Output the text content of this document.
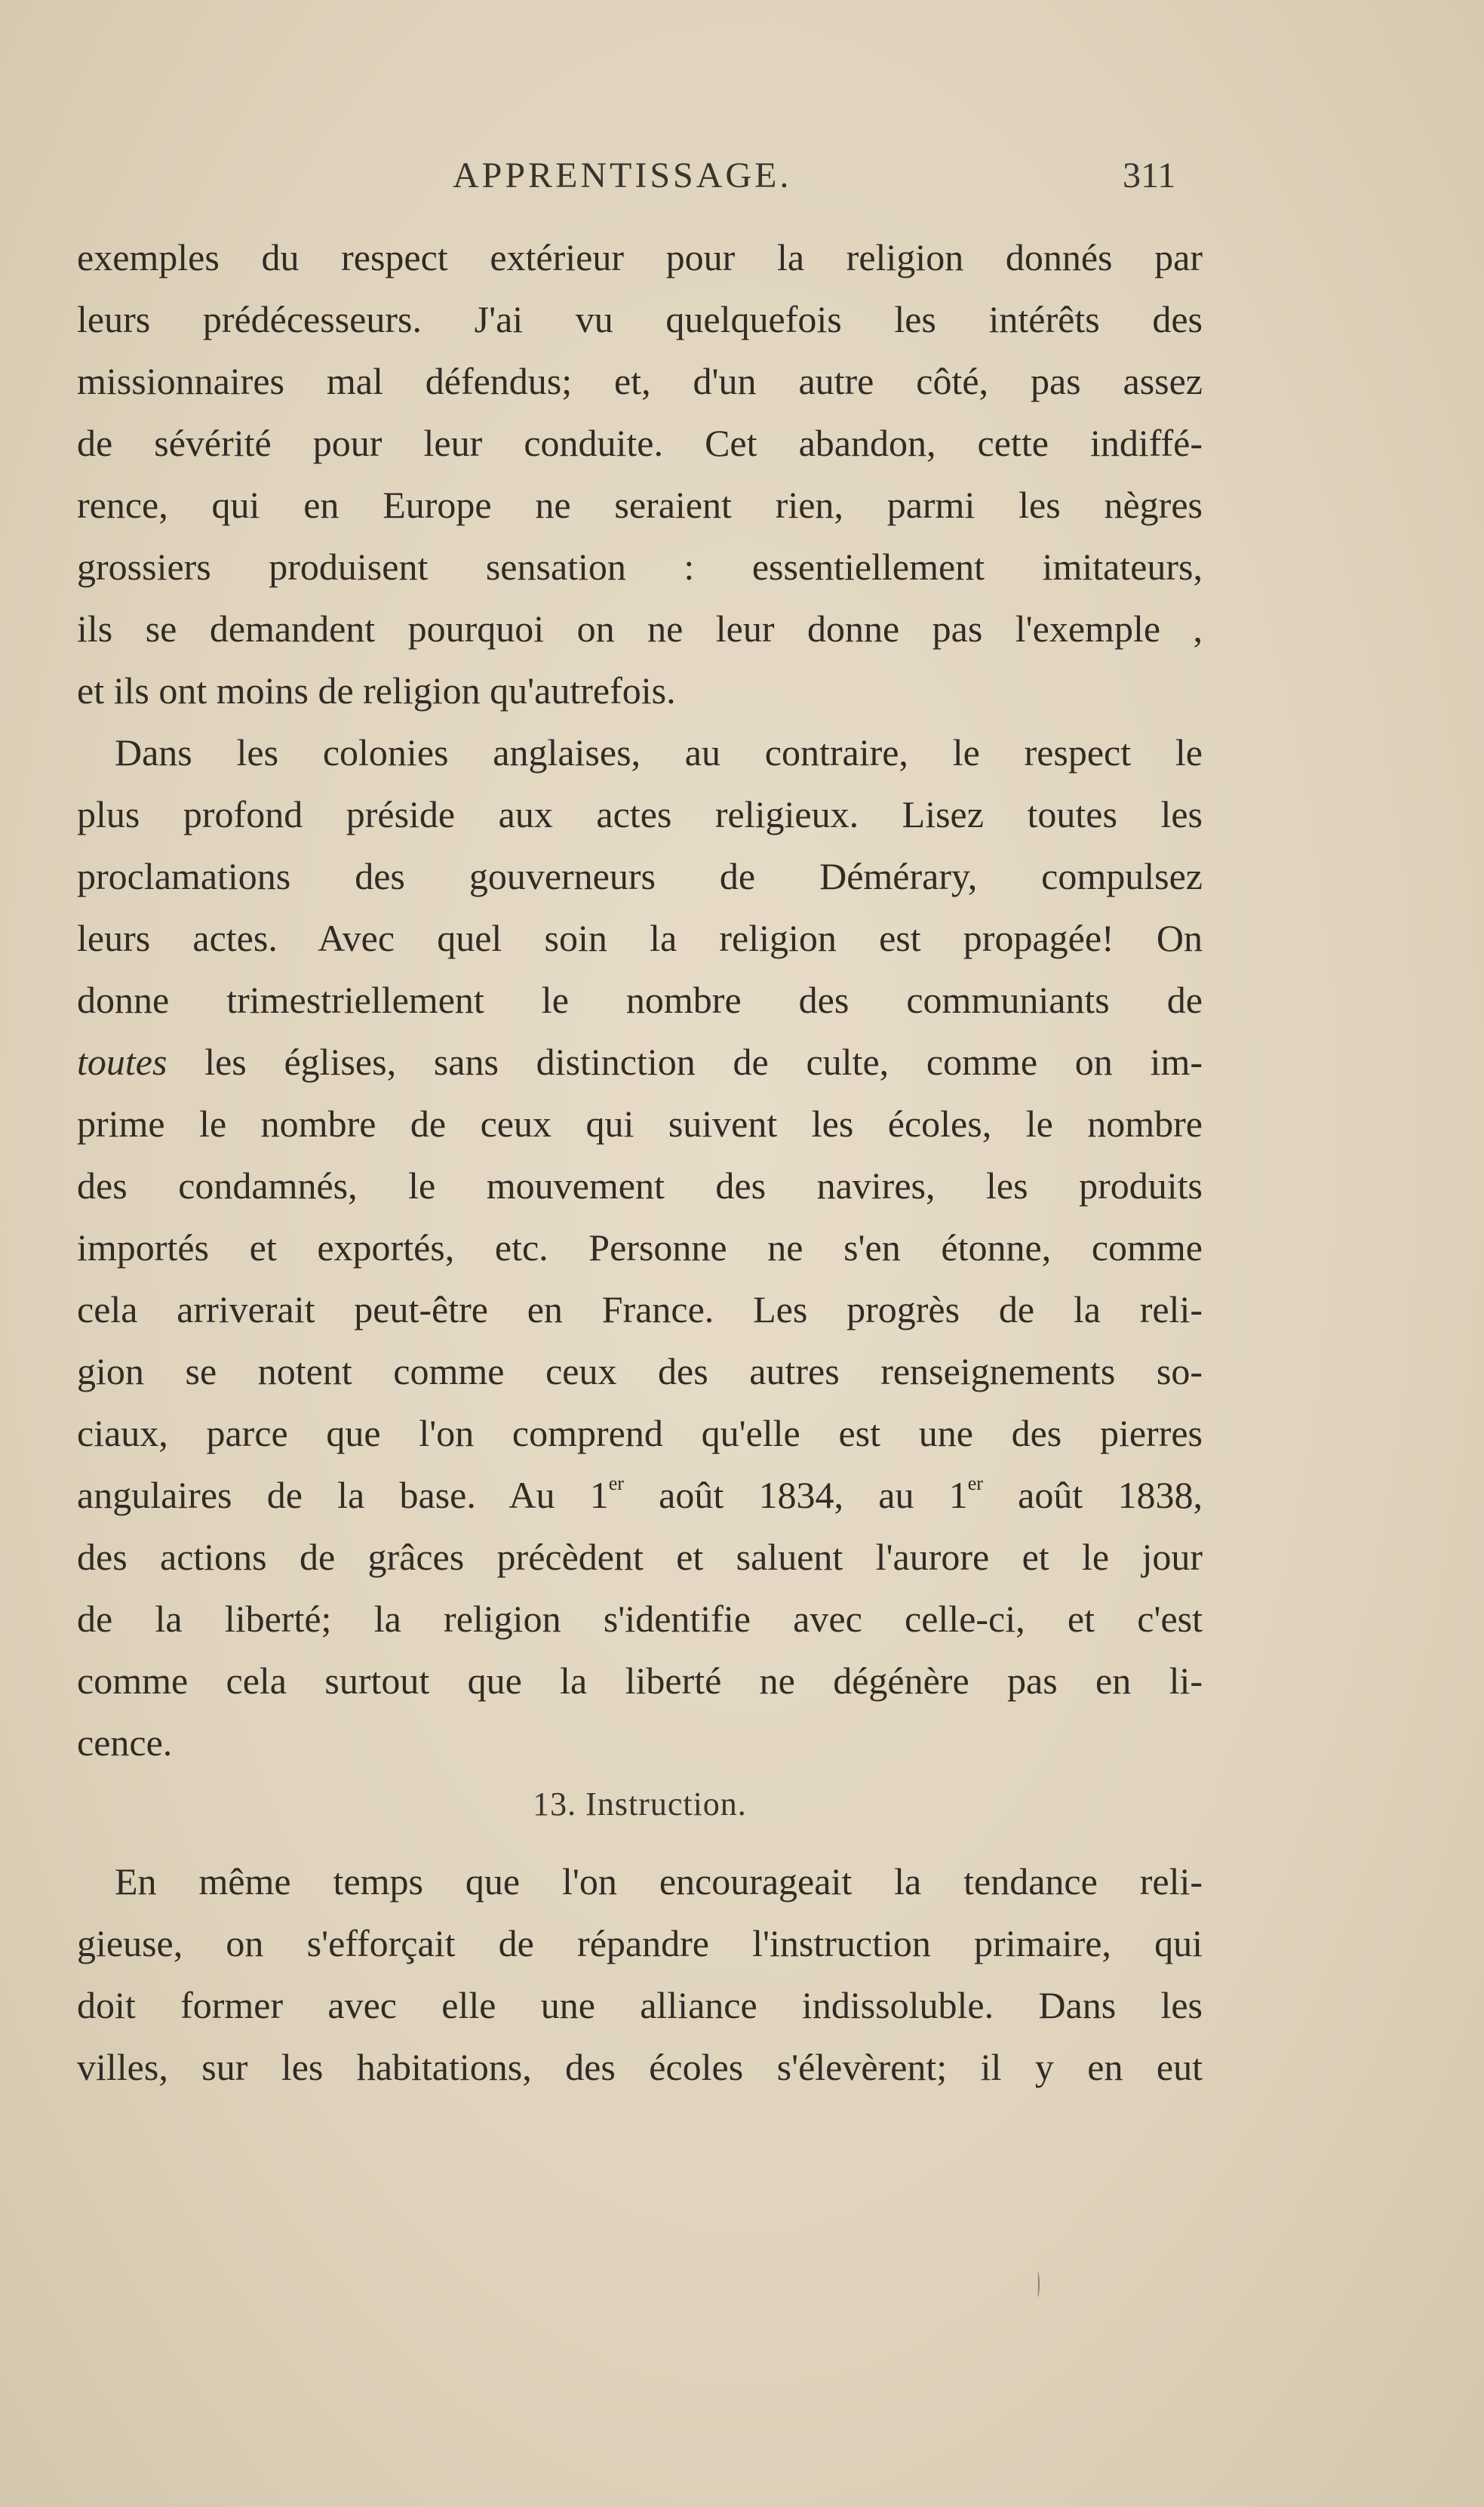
APPRENTISSAGE.	311
exemples du respect extérieur pour la religion donnés par
leurs prédécesseurs. J'ai vu quelquefois les intérêts des
missionnaires mal défendus; et, d'un autre côté, pas assez
de sévérité pour leur conduite. Cet abandon, cette indiffé-
rence, qui en Europe ne seraient rien, parmi les nègres
grossiers produisent sensation : essentiellement imitateurs,
ils se demandent pourquoi on ne leur donne pas l'exemple ,
et ils ont moins de religion qu'autrefois.
Dans les colonies anglaises, au contraire, le respect le
plus profond préside aux actes religieux. Lisez toutes les
proclamations des gouverneurs de Démérary, compulsez
leurs actes. Avec quel soin la religion est propagée! On
donne trimestriellement le nombre des communiants de
toutes les églises, sans distinction de culte, comme on im-
prime le nombre de ceux qui suivent les écoles, le nombre
des condamnés, le mouvement des navires, les produits
importés et exportés, etc. Personne ne s'en étonne, comme
cela arriverait peut-être en France. Les progrès de la reli-
gion se notent comme ceux des autres renseignements so-
ciaux, parce que l'on comprend qu'elle est une des pierres
angulaires de la base. Au 1er août 1834, au 1er août 1838,
des actions de grâces précèdent et saluent l'aurore et le jour
de la liberté; la religion s'identifie avec celle-ci, et c'est
comme cela surtout que la liberté ne dégénère pas en li-
cence.
13. Instruction.
En même temps que l'on encourageait la tendance reli-
gieuse, on s'efforçait de répandre l'instruction primaire, qui
doit former avec elle une alliance indissoluble. Dans les
villes, sur les habitations, des écoles s'élevèrent; il y en eut
